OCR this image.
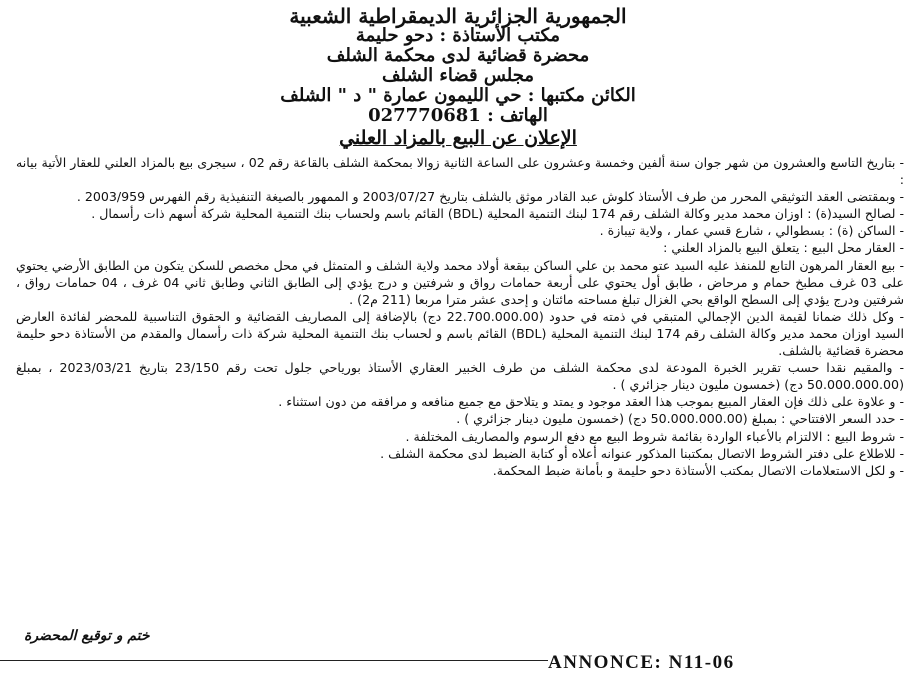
الجمهورية الجزائرية الديمقراطية الشعبية
مكتب الأستاذة : دحو حليمة
محضرة قضائية لدى محكمة الشلف
مجلس قضاء الشلف
الكائن مكتبها : حي الليمون عمارة " د " الشلف
الهاتف : 027770681
الإعلان عن البيع بالمزاد العلني

- بتاريخ التاسع والعشرون من شهر جوان سنة ألفين وخمسة وعشرون على الساعة الثانية زوالا بمحكمة الشلف بالقاعة رقم 02 ، سيجرى بيع بالمزاد العلني للعقار الأتية بيانه :

- وبمقتضى العقد التوثيقي المحرر من طرف الأستاذ كلوش عبد القادر موثق بالشلف بتاريخ 2003/07/27 و الممهور بالصيغة التنفيذية رقم الفهرس 2003/959 .

- لصالح السيد(ة) : اوزان محمد مدير وكالة الشلف رقم 174 لبنك التنمية المحلية (BDL) القائم باسم ولحساب بنك التنمية المحلية شركة أسهم ذات رأسمال .

- الساكن (ة) : بسطوالي ، شارع قسي عمار ، ولاية تيبازة .

- العقار محل البيع : يتعلق البيع بالمزاد العلني :

- بيع العقار المرهون التابع للمنفذ عليه السيد عتو محمد بن علي الساكن ببقعة أولاد محمد ولاية الشلف و المتمثل في محل مخصص للسكن يتكون من الطابق الأرضي يحتوي على 03 غرف مطبخ حمام و مرحاض ، طابق أول يحتوي على أربعة حمامات رواق و شرفتين و درج يؤدي إلى الطابق الثاني وطابق ثاني 04 غرف ، 04 حمامات رواق ، شرفتين ودرج يؤدي إلى السطح الواقع بحي الغزال تبلغ مساحته مائتان و إحدى عشر مترا مربعا (211 م2) .

- وكل ذلك ضمانا لقيمة الدين الإجمالي المتبقي في ذمته في حدود (22.700.000.00 دج) بالإضافة إلى المصاريف القضائية و الحقوق التناسبية للمحضر لفائدة العارض السيد اوزان محمد مدير وكالة الشلف رقم 174 لبنك التنمية المحلية (BDL) القائم باسم و لحساب بنك التنمية المحلية شركة ذات رأسمال والمقدم من الأستاذة دحو حليمة محضرة قضائية بالشلف.

- والمقيم نقدا حسب تقرير الخبرة المودعة لدى محكمة الشلف من طرف الخبير العقاري الأستاذ بورياحي جلول تحت رقم 23/150 بتاريخ 2023/03/21 ، بمبلغ (50.000.000.00 دج) (خمسون مليون دينار جزائري ) .

- و علاوة على ذلك فإن العقار المبيع بموجب هذا العقد موجود و يمتد و يتلاحق مع جميع منافعه و مرافقه من دون استثناء .

- حدد السعر الافتتاحي : بمبلغ (50.000.000.00 دج) (خمسون مليون دينار جزائري ) .

- شروط البيع : الالتزام بالأعباء الواردة بقائمة شروط البيع مع دفع الرسوم والمصاريف المختلفة .

- للاطلاع على دفتر الشروط الاتصال بمكتبنا المذكور عنوانه أعلاه أو كتابة الضبط لدى محكمة الشلف .

- و لكل الاستعلامات الاتصال بمكتب الأستاذة دحو حليمة و بأمانة ضبط المحكمة.

ختم و توقيع المحضرة
ANNONCE: N11-06
